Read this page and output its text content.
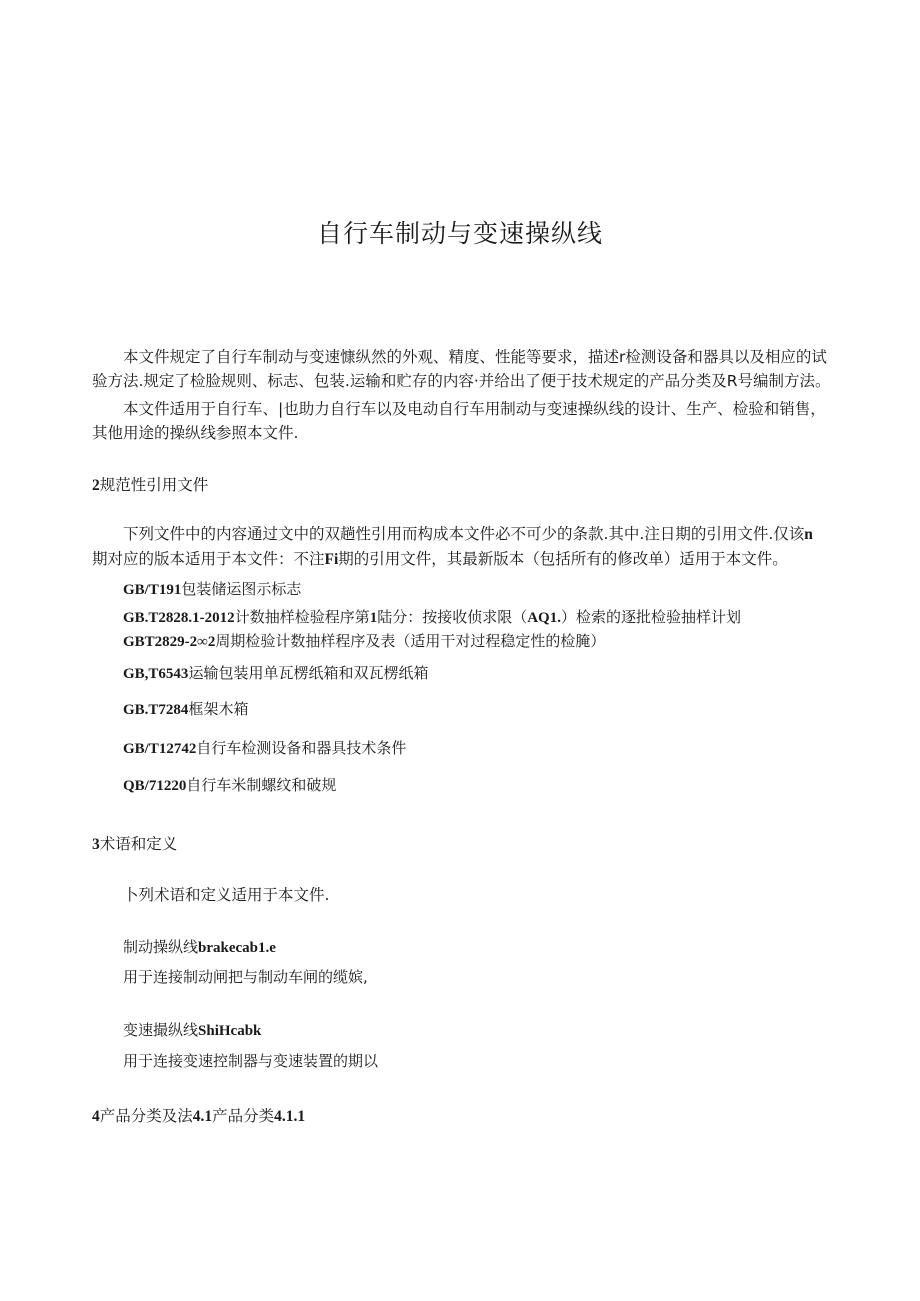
自行车制动与变速操纵线
本文件规定了自行车制动与变速慷纵然的外观、精度、性能等要求，描述r检测设备和器具以及相应的试
验方法.规定了检脸规则、标志、包装.运输和贮存的内容·并给出了便于技术规定的产品分类及R号编制方法。
本文件适用于自行车、|也助力自行车以及电动自行车用制动与变速操纵线的设计、生产、检验和销售，
其他用途的操纵线参照本文件.
2规范性引用文件
下列文件中的内容通过文中的双趟性引用而构成本文件必不可少的条款.其中.注日期的引用文件.仅该n
期对应的版本适用于本文件：不注Fi期的引用文件，其最新版本（包括所有的修改单）适用于本文件。
GB/T191包装储运图示标志
GB.T2828.1-2012计数抽样检验程序第1陆分：按接收侦求限（AQ1.）检索的逐批检验抽样计划
GBT2829-2∞2周期检验计数抽样程序及表（适用干对过程稳定性的检腌）
GB,T6543运输包装用单瓦楞纸箱和双瓦楞纸箱
GB.T7284框架木箱
GB/T12742自行车检测设备和器具技术条件
QB/71220自行车米制螺纹和破规
3术语和定义
卜列术语和定义适用于本文件.
制动操纵线brakecab1.e
用于连接制动闸把与制动车闸的缆嫔,
变速撮纵线ShiHcabk
用于连接变速控制器与变速装置的期以
4产品分类及法4.1产品分类4.1.1
